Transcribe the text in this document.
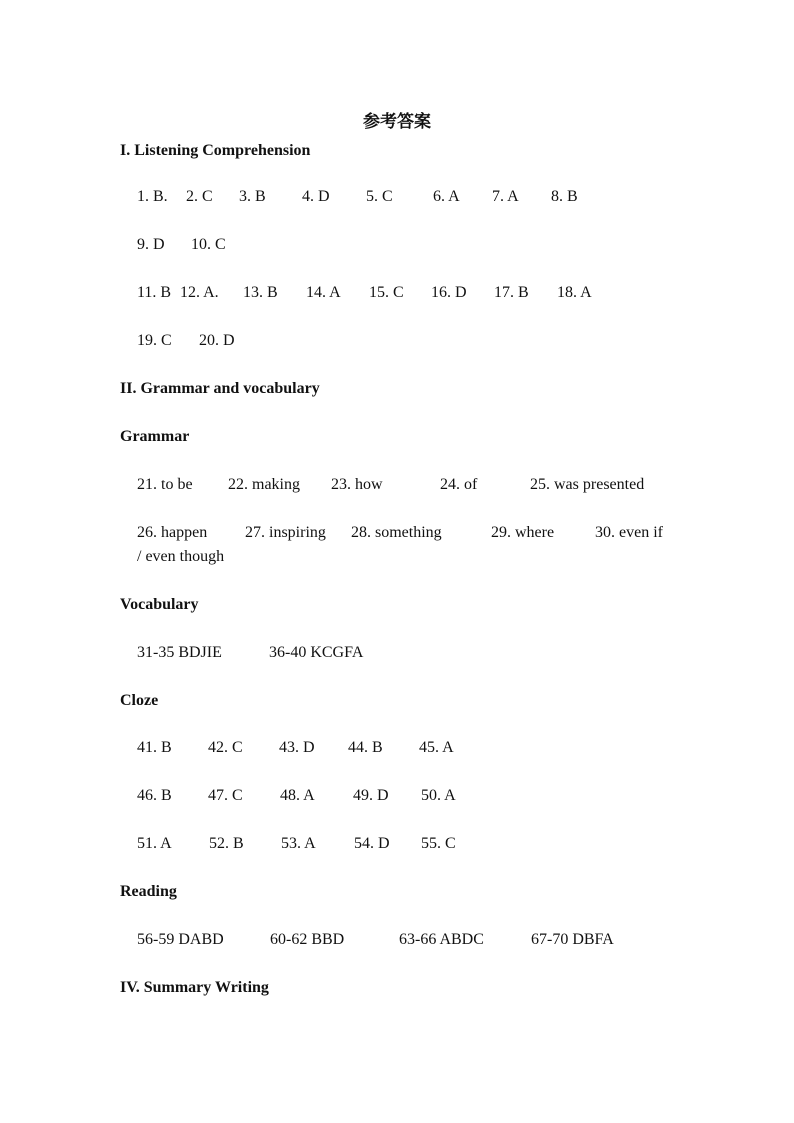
参考答案
I. Listening Comprehension
1. B. 2. C 3. B 4. D 5. C	6. A 7. A 8. B
9. D 10. C
11. B 12. A. 13. B 14. A 15. C 16. D 17. B 18. A
19. C 20. D
II. Grammar and vocabulary
Grammar
21. to be 22. making 23. how	24. of	25. was presented
26. happen 27. inspiring 28. something	29. where	30. even if
/ even though
Vocabulary
31-35 BDJIE	36-40 KCGFA
Cloze
41. B 42. C 43. D 44. B 45. A
46. B 47. C 48. A 49. D 50. A
51. A 52. B 53. A 54. D 55. C
Reading
56-59 DABD	60-62 BBD	63-66 ABDC	67-70 DBFA
IV. Summary Writing
